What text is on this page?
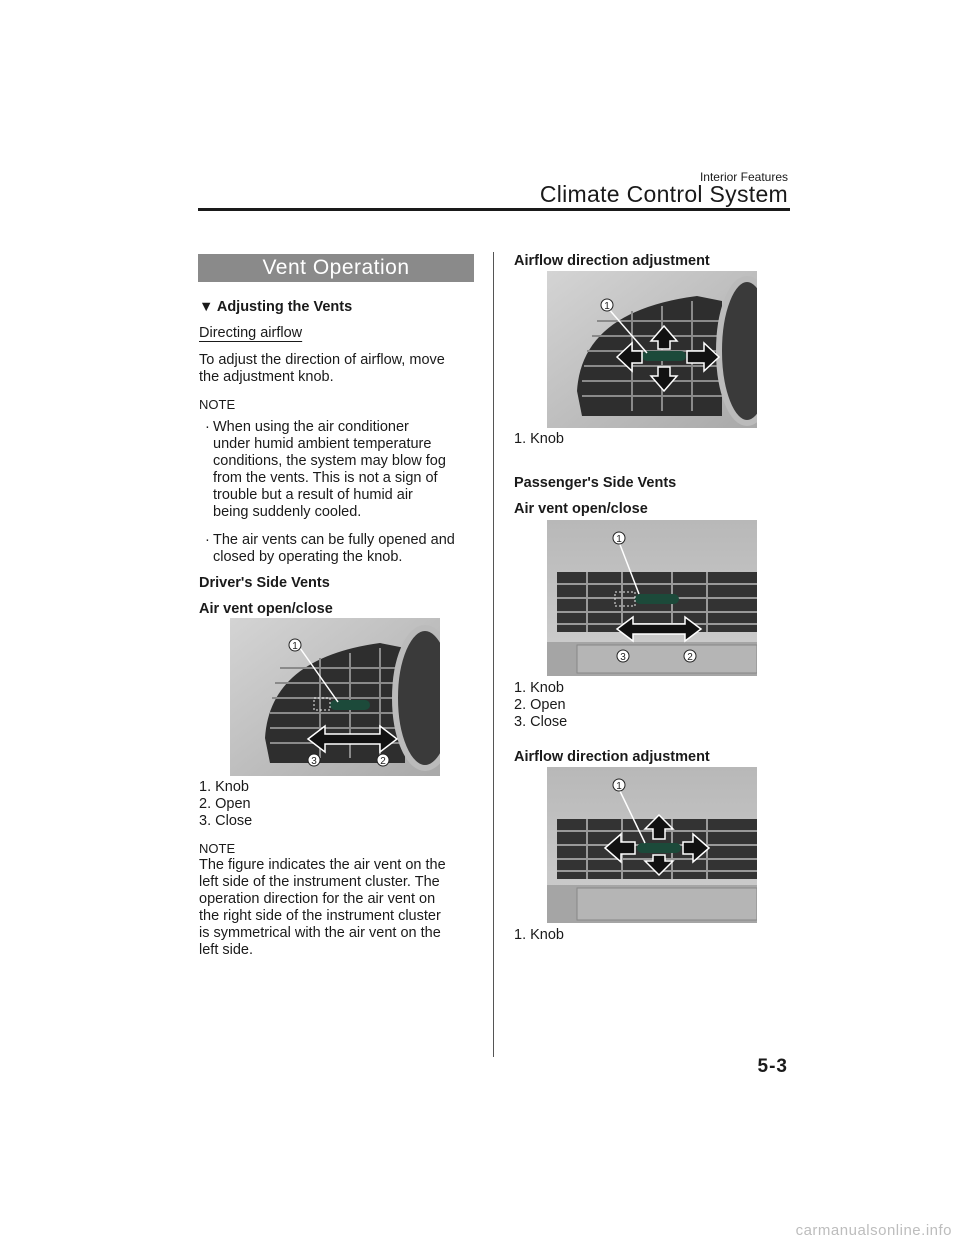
Interior Features
Climate Control System
Vent Operation
▼ Adjusting the Vents
Directing airflow
To adjust the direction of airflow, move
the adjustment knob.
NOTE
· When using the air conditioner
under humid ambient temperature
conditions, the system may blow fog
from the vents. This is not a sign of
trouble but a result of humid air
being suddenly cooled.
· The air vents can be fully opened and
closed by operating the knob.
Driver's Side Vents
Air vent open/close
1
3	2
1. Knob
2. Open
3. Close
NOTE
The figure indicates the air vent on the
left side of the instrument cluster. The
operation direction for the air vent on
the right side of the instrument cluster
is symmetrical with the air vent on the
left side.
Airflow direction adjustment
1
1. Knob
Passenger's Side Vents
Air vent open/close
1
3	2
1. Knob
2. Open
3. Close
Airflow direction adjustment
1
1. Knob
5-3
carmanualsonline.info
